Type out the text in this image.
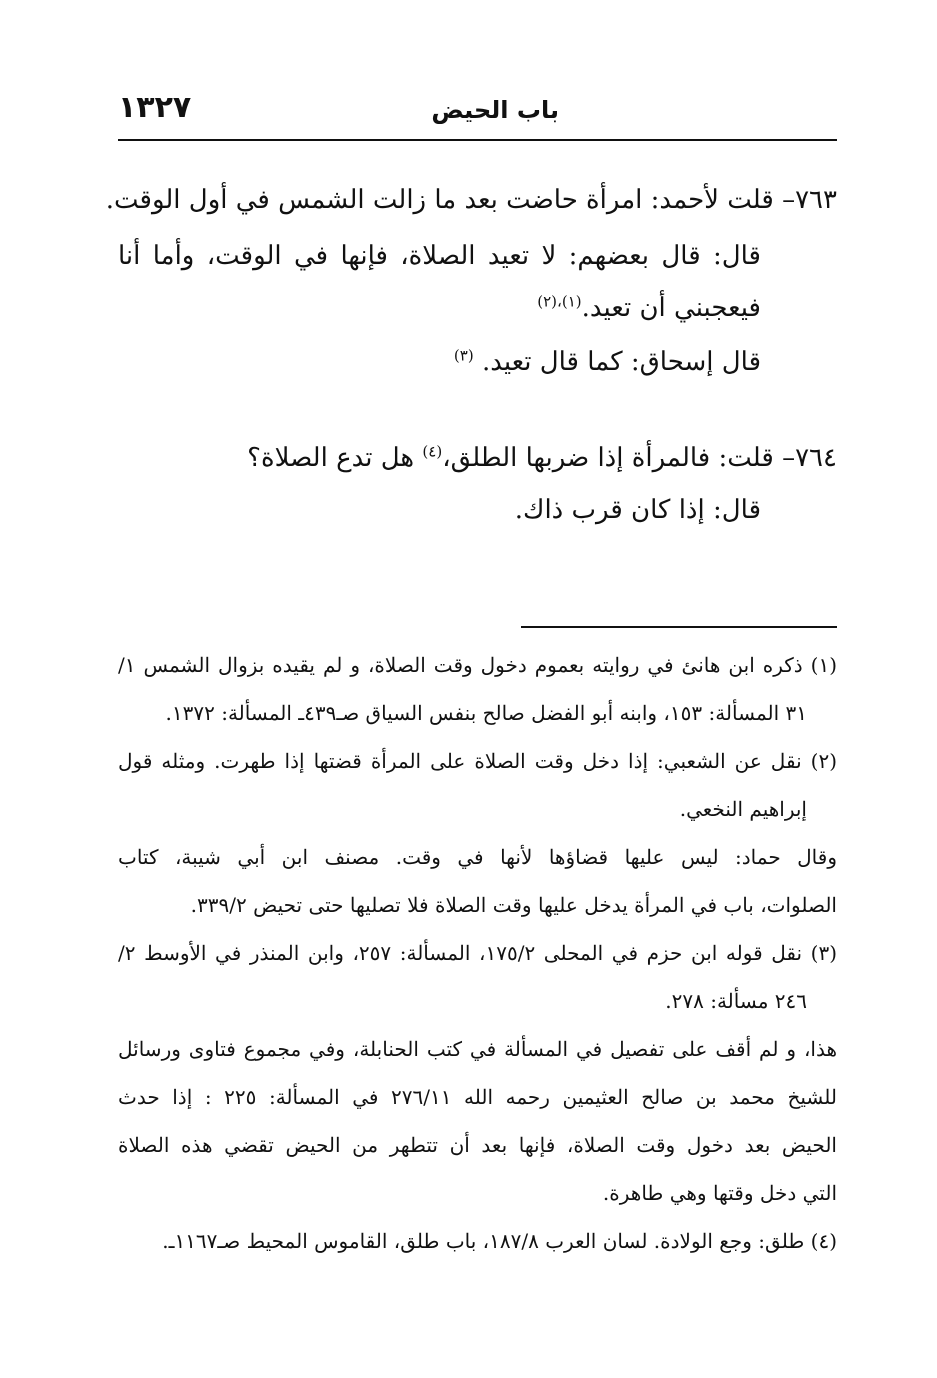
باب الحيض
١٣٢٧
٧٦٣– قلت لأحمد: امرأة حاضت بعد ما زالت الشمس في أول الوقت.
قال: قال بعضهم: لا تعيد الصلاة، فإنها في الوقت، وأما أنا
فيعجبني أن تعيد.$^{(١)،(٢)}$
قال إسحاق: كما قال تعيد. $^{(٣)}$
٧٦٤– قلت: فالمرأة إذا ضربها الطلق،$^{(٤)}$ هل تدع الصلاة؟
قال: إذا كان قرب ذاك.
(١) ذكره ابن هانئ في روايته بعموم دخول وقت الصلاة، و لم يقيده بزوال الشمس ١/
٣١ المسألة: ١٥٣، وابنه أبو الفضل صالح بنفس السياق صـ٤٣٩ـ المسألة: ١٣٧٢.
(٢) نقل عن الشعبي: إذا دخل وقت الصلاة على المرأة قضتها إذا طهرت. ومثله قول
إبراهيم النخعي.
وقال حماد: ليس عليها قضاؤها لأنها في وقت. مصنف ابن أبي شيبة، كتاب
الصلوات، باب في المرأة يدخل عليها وقت الصلاة فلا تصليها حتى تحيض ٣٣٩/٢.
(٣) نقل قوله ابن حزم في المحلى ١٧٥/٢، المسألة: ٢٥٧، وابن المنذر في الأوسط ٢/
٢٤٦ مسألة: ٢٧٨.
هذا، و لم أقف على تفصيل في المسألة في كتب الحنابلة، وفي مجموع فتاوى ورسائل
للشيخ محمد بن صالح العثيمين رحمه الله ٢٧٦/١١ في المسألة: ٢٢٥ : إذا حدث
الحيض بعد دخول وقت الصلاة، فإنها بعد أن تتطهر من الحيض تقضي هذه الصلاة
التي دخل وقتها وهي طاهرة.
(٤) طلق: وجع الولادة. لسان العرب ١٨٧/٨، باب طلق، القاموس المحيط صـ١١٦٧ـ.
